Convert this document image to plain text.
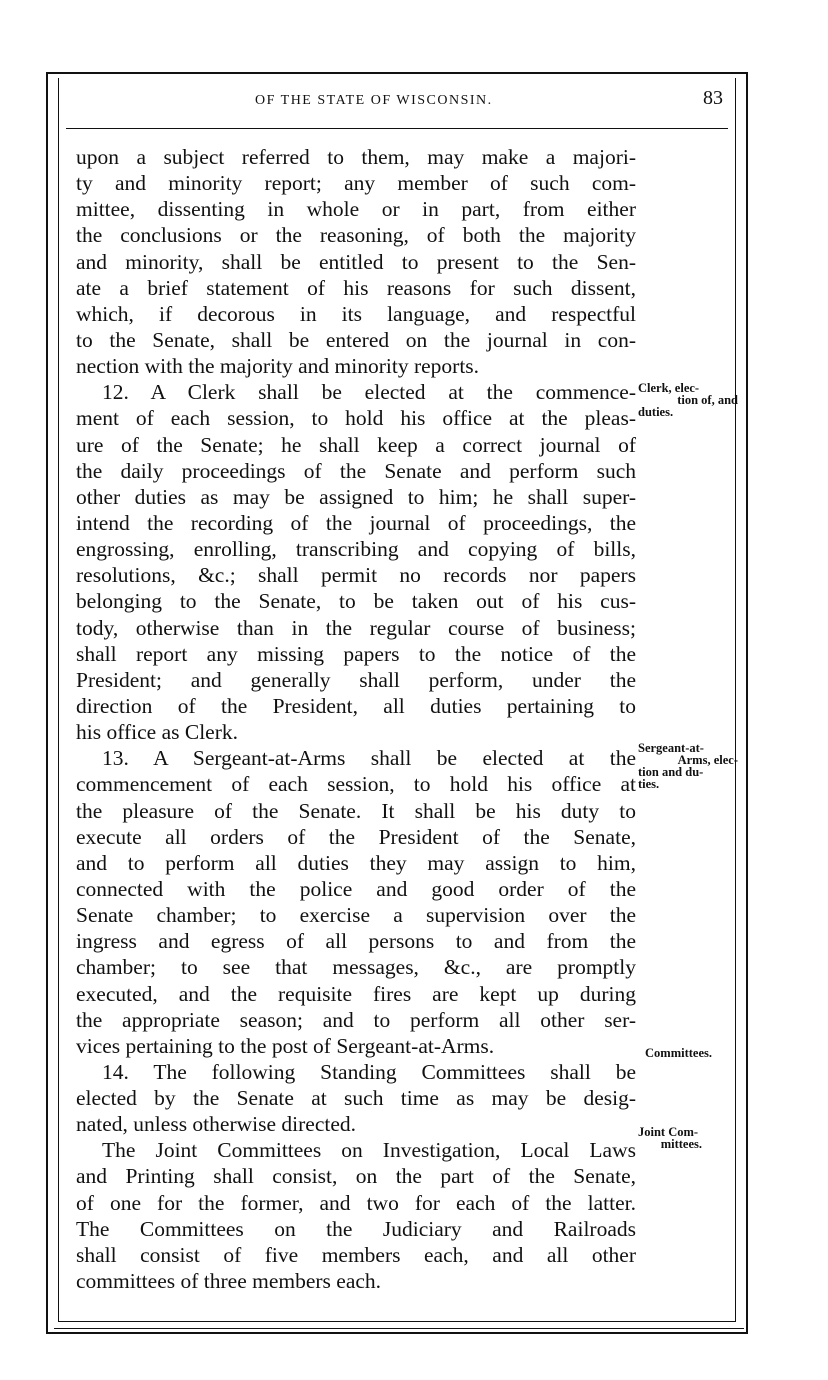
OF THE STATE OF WISCONSIN.	83
upon a subject referred to them, may make a majori-
ty and minority report; any member of such com-
mittee, dissenting in whole or in part, from either
the conclusions or the reasoning, of both the majority
and minority, shall be entitled to present to the Sen-
ate a brief statement of his reasons for such dissent,
which, if decorous in its language, and respectful
to the Senate, shall be entered on the journal in con-
nection with the majority and minority reports.
12. A Clerk shall be elected at the commence-
ment of each session, to hold his office at the pleas-
ure of the Senate; he shall keep a correct journal of
the daily proceedings of the Senate and perform such
other duties as may be assigned to him; he shall super-
intend the recording of the journal of proceedings, the
engrossing, enrolling, transcribing and copying of bills,
resolutions, &c.; shall permit no records nor papers
belonging to the Senate, to be taken out of his cus-
tody, otherwise than in the regular course of business;
shall report any missing papers to the notice of the
President; and generally shall perform, under the
direction of the President, all duties pertaining to
his office as Clerk.
13. A Sergeant-at-Arms shall be elected at the
commencement of each session, to hold his office at
the pleasure of the Senate. It shall be his duty to
execute all orders of the President of the Senate,
and to perform all duties they may assign to him,
connected with the police and good order of the
Senate chamber; to exercise a supervision over the
ingress and egress of all persons to and from the
chamber; to see that messages, &c., are promptly
executed, and the requisite fires are kept up during
the appropriate season; and to perform all other ser-
vices pertaining to the post of Sergeant-at-Arms.
14. The following Standing Committees shall be
elected by the Senate at such time as may be desig-
nated, unless otherwise directed.
The Joint Committees on Investigation, Local Laws
and Printing shall consist, on the part of the Senate,
of one for the former, and two for each of the latter.
The Committees on the Judiciary and Railroads
shall consist of five members each, and all other
committees of three members each.
Clerk, elec-
tion of, and
duties.
Sergeant-at-
Arms, elec-
tion and du-
ties.
Committees.
Joint Com-
mittees.
